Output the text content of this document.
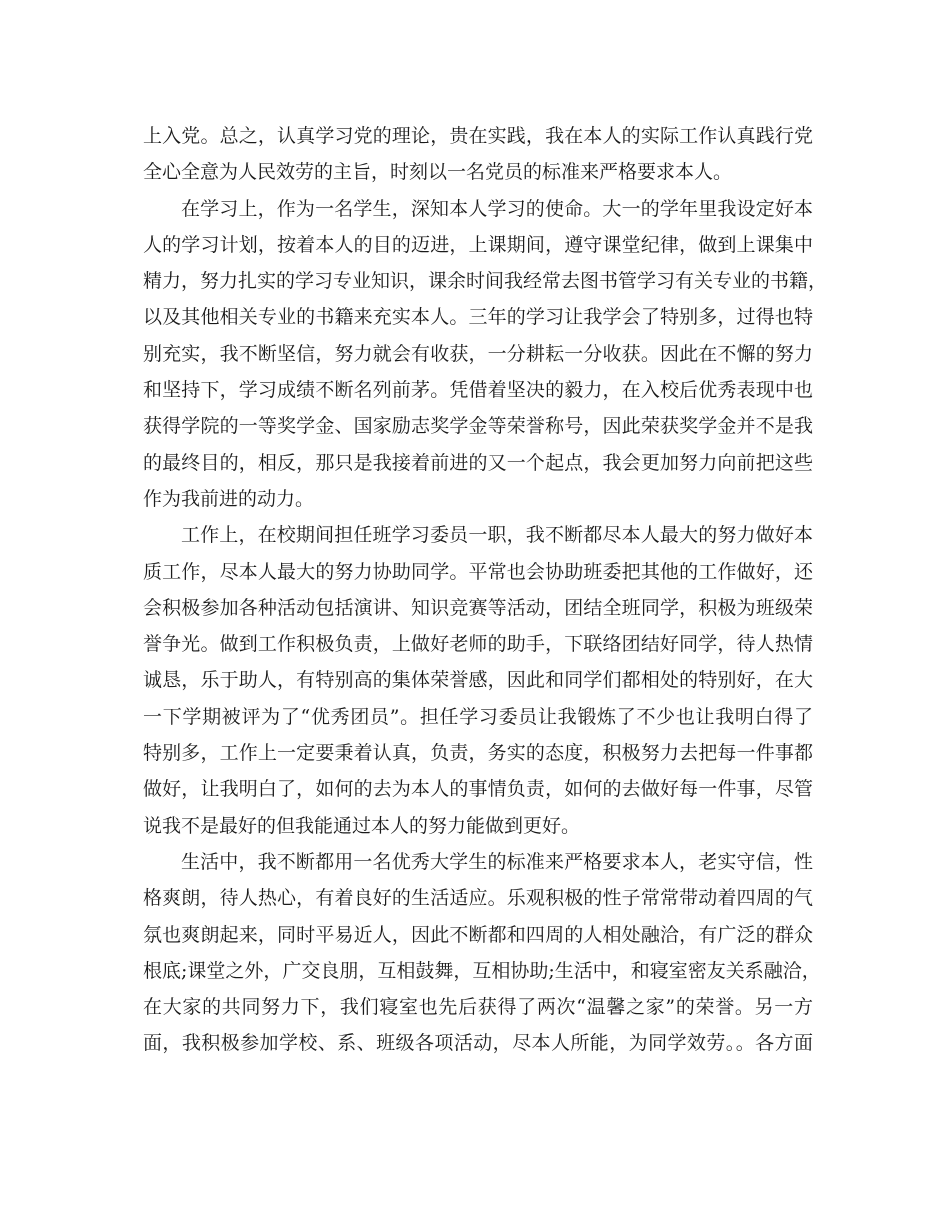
上入党。总之，认真学习党的理论，贵在实践，我在本人的实际工作认真践行党
全心全意为人民效劳的主旨，时刻以一名党员的标准来严格要求本人。
在学习上，作为一名学生，深知本人学习的使命。大一的学年里我设定好本
人的学习计划，按着本人的目的迈进，上课期间，遵守课堂纪律，做到上课集中
精力，努力扎实的学习专业知识，课余时间我经常去图书管学习有关专业的书籍，
以及其他相关专业的书籍来充实本人。三年的学习让我学会了特别多，过得也特
别充实，我不断坚信，努力就会有收获，一分耕耘一分收获。因此在不懈的努力
和坚持下，学习成绩不断名列前茅。凭借着坚决的毅力，在入校后优秀表现中也
获得学院的一等奖学金、国家励志奖学金等荣誉称号，因此荣获奖学金并不是我
的最终目的，相反，那只是我接着前进的又一个起点，我会更加努力向前把这些
作为我前进的动力。
工作上，在校期间担任班学习委员一职，我不断都尽本人最大的努力做好本
质工作，尽本人最大的努力协助同学。平常也会协助班委把其他的工作做好，还
会积极参加各种活动包括演讲、知识竞赛等活动，团结全班同学，积极为班级荣
誉争光。做到工作积极负责，上做好老师的助手，下联络团结好同学，待人热情
诚恳，乐于助人，有特别高的集体荣誉感，因此和同学们都相处的特别好，在大
一下学期被评为了“优秀团员”。担任学习委员让我锻炼了不少也让我明白得了
特别多，工作上一定要秉着认真，负责，务实的态度，积极努力去把每一件事都
做好，让我明白了，如何的去为本人的事情负责，如何的去做好每一件事，尽管
说我不是最好的但我能通过本人的努力能做到更好。
生活中，我不断都用一名优秀大学生的标准来严格要求本人，老实守信，性
格爽朗，待人热心，有着良好的生活适应。乐观积极的性子常常带动着四周的气
氛也爽朗起来，同时平易近人，因此不断都和四周的人相处融洽，有广泛的群众
根底;课堂之外，广交良朋，互相鼓舞，互相协助;生活中，和寝室密友关系融洽，
在大家的共同努力下，我们寝室也先后获得了两次“温馨之家”的荣誉。另一方
面，我积极参加学校、系、班级各项活动，尽本人所能，为同学效劳。。各方面
